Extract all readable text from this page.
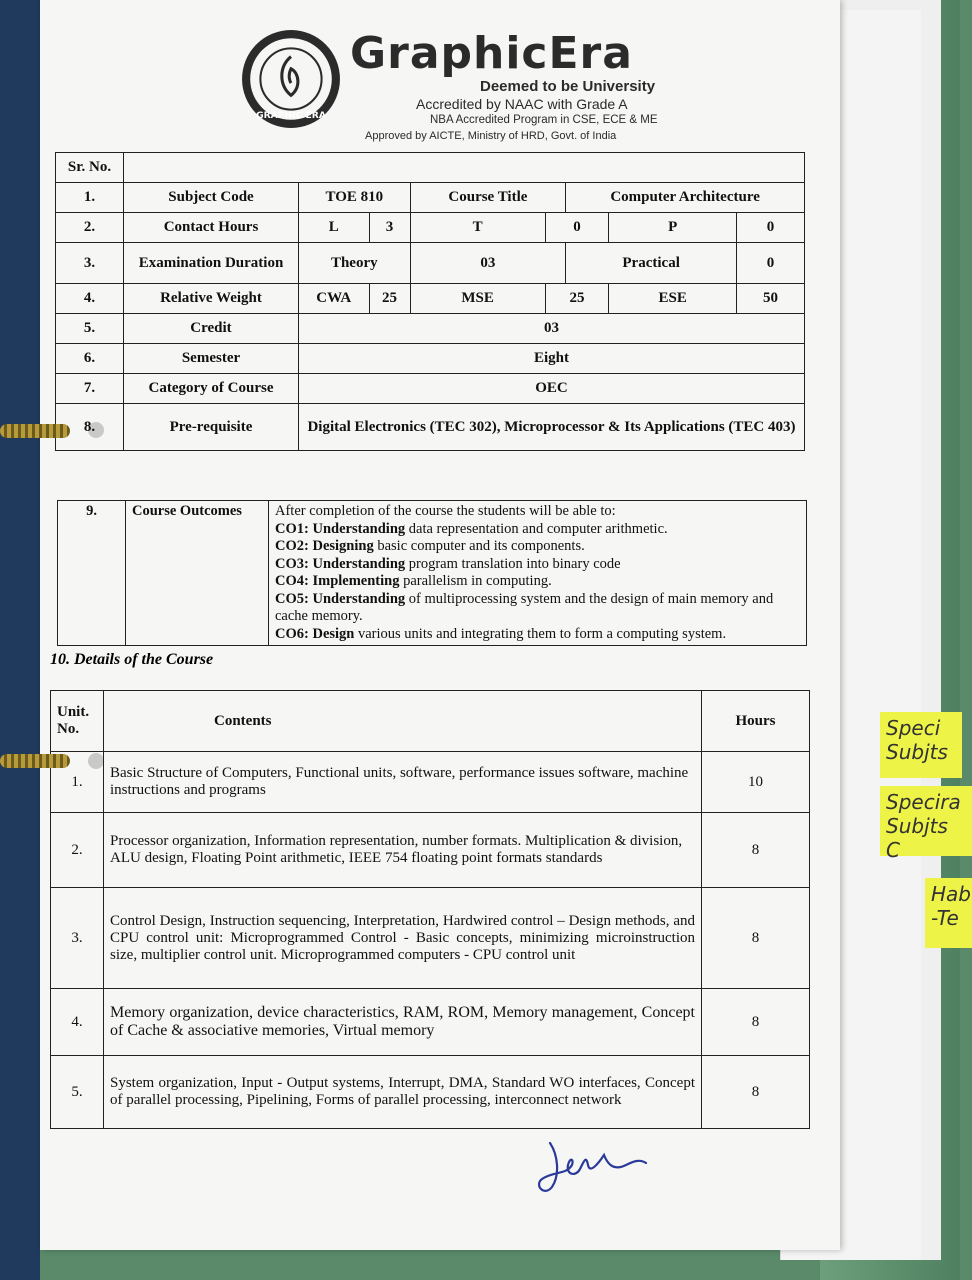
Speci Subjts
Specira Subjts C
Hab -Te
GRAPHIC ERA
GraphicEra
Deemed to be University
Accredited by NAAC with Grade A
NBA Accredited Program in CSE, ECE & ME
Approved by AICTE, Ministry of HRD, Govt. of India
Sr. No.								
1.	Subject Code	TOE 810		Course Title		Computer Architecture		
2.	Contact Hours	L	3	T	0		P	0
3.	Examination Duration	Theory		03		Practical		0
4.	Relative Weight	CWA	25	MSE	25		ESE	50
5.	Credit	03						
6.	Semester	Eight						
7.	Category of Course	OEC						
8.	Pre-requisite	Digital Electronics (TEC 302), Microprocessor & Its Applications (TEC 403)						
9.	Course Outcomes	After completion of the course the students will be able to:
CO1: Understanding data representation and computer arithmetic.
CO2: Designing basic computer and its components.
CO3: Understanding program translation into binary code
CO4: Implementing parallelism in computing.
CO5: Understanding of multiprocessing system and the design of main memory and cache memory.
CO6: Design various units and integrating them to form a computing system.
10. Details of the Course
Unit. No.	Contents	Hours
1.	Basic Structure of Computers, Functional units, software, performance issues software, machine instructions and programs	10
2.	Processor organization, Information representation, number formats. Multiplication & division, ALU design, Floating Point arithmetic, IEEE 754 floating point formats standards	8
3.	Control Design, Instruction sequencing, Interpretation, Hardwired control – Design methods, and CPU control unit: Microprogrammed Control - Basic concepts, minimizing microinstruction size, multiplier control unit. Microprogrammed computers - CPU control unit	8
4.	Memory organization, device characteristics, RAM, ROM, Memory management, Concept of Cache & associative memories, Virtual memory	8
5.	System organization, Input - Output systems, Interrupt, DMA, Standard WO interfaces, Concept of parallel processing, Pipelining, Forms of parallel processing, interconnect network	8
